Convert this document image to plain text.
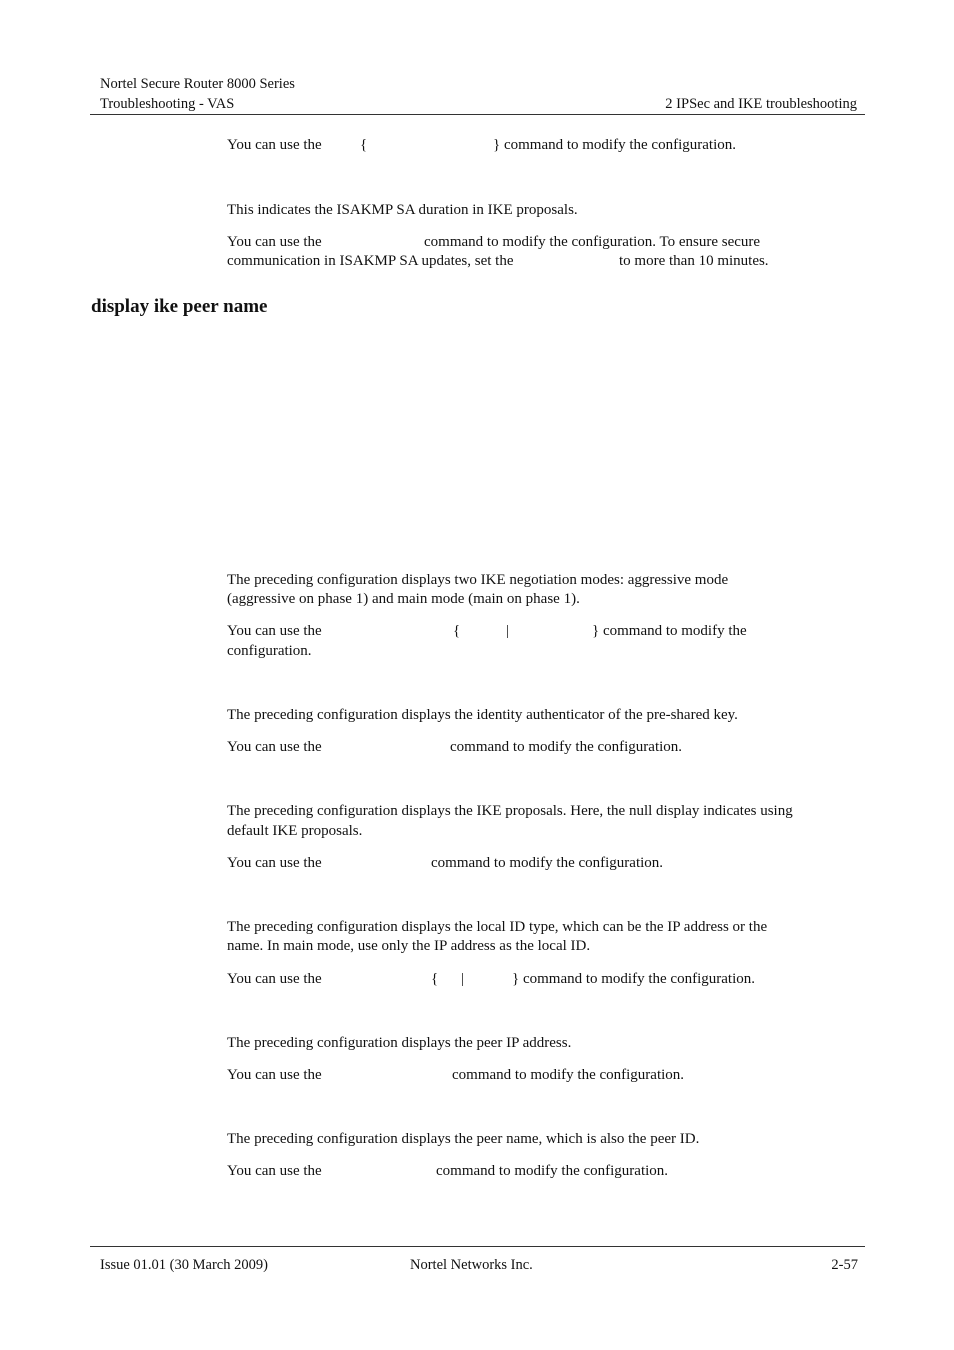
Nortel Secure Router 8000 Series
Troubleshooting - VAS	2 IPSec and IKE troubleshooting
You can use the	{	} command to modify the configuration.
This indicates the ISAKMP SA duration in IKE proposals.
You can use the	command to modify the configuration. To ensure secure
communication in ISAKMP SA updates, set the	to more than 10 minutes.
display ike peer name
The preceding configuration displays two IKE negotiation modes: aggressive mode
(aggressive on phase 1) and main mode (main on phase 1).
You can use the	{	|	} command to modify the
configuration.
The preceding configuration displays the identity authenticator of the pre-shared key.
You can use the	command to modify the configuration.
The preceding configuration displays the IKE proposals. Here, the null display indicates using
default IKE proposals.
You can use the	command to modify the configuration.
The preceding configuration displays the local ID type, which can be the IP address or the
name. In main mode, use only the IP address as the local ID.
You can use the	{ |	} command to modify the configuration.
The preceding configuration displays the peer IP address.
You can use the	command to modify the configuration.
The preceding configuration displays the peer name, which is also the peer ID.
You can use the	command to modify the configuration.
Issue 01.01 (30 March 2009)	Nortel Networks Inc.	2-57
